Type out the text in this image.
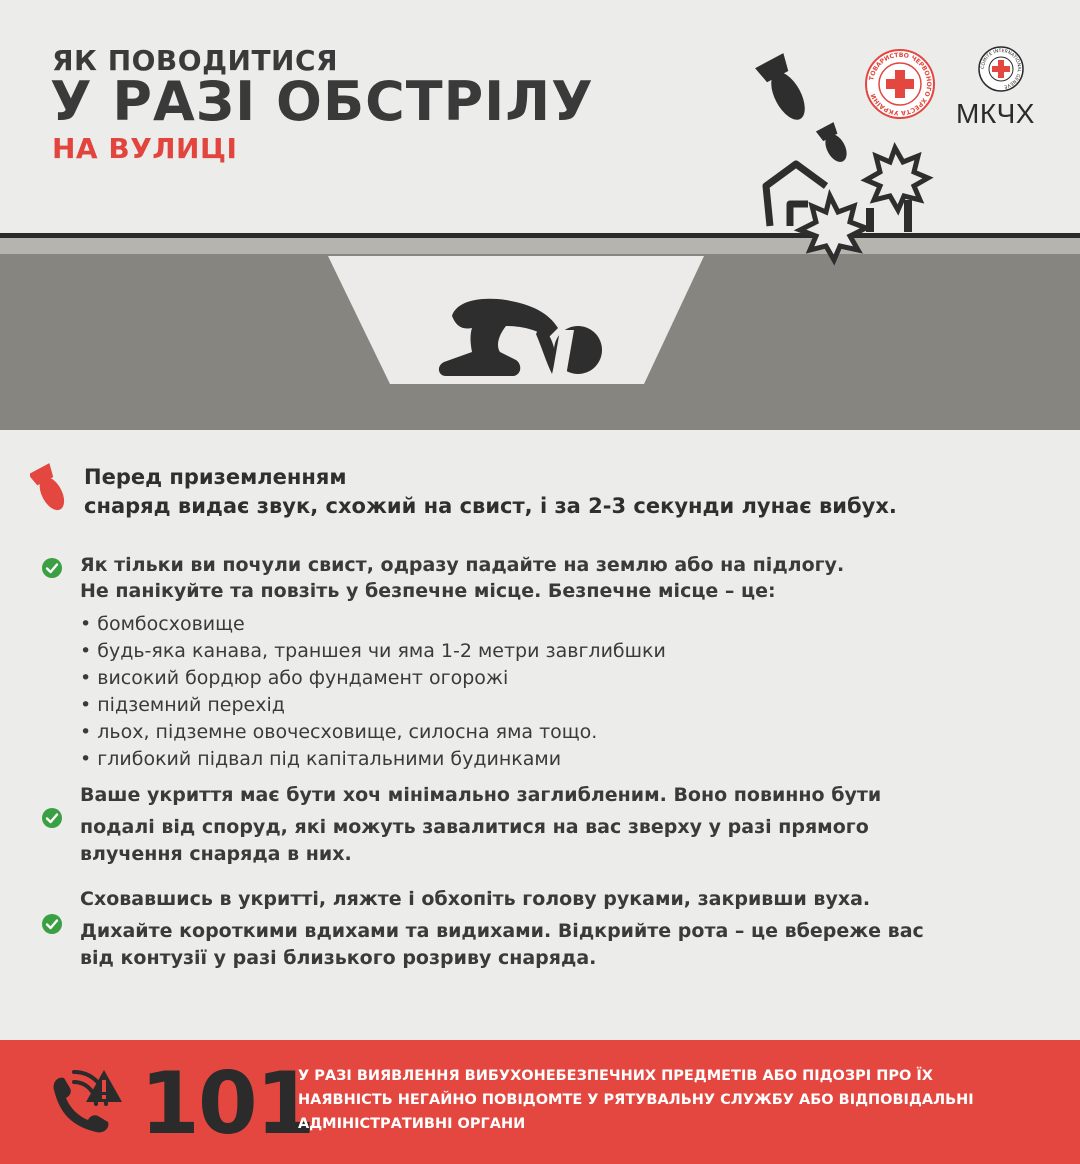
ЯК ПОВОДИТИСЯ
У РАЗІ ОБСТРІЛУ
НА ВУЛИЦІ
ТОВАРИСТВО ЧЕРВОНОГО ХРЕСТА УКРАЇНИ
COMITE INTERNATIONAL GENEVE
МКЧХ
Перед приземленням
снаряд видає звук, схожий на свист, і за 2-3 секунди лунає вибух.
Як тільки ви почули свист, одразу падайте на землю або на підлогу.
Не панікуйте та повзіть у безпечне місце. Безпечне місце – це:
• бомбосховище
• будь-яка канава, траншея чи яма 1-2 метри завглибшки
• високий бордюр або фундамент огорожі
• підземний перехід
• льох, підземне овочесховище, силосна яма тощо.
• глибокий підвал під капітальними будинками
Ваше укриття має бути хоч мінімально заглибленим. Воно повинно бути
подалі від споруд, які можуть завалитися на вас зверху у разі прямого
влучення снаряда в них.
Сховавшись в укритті, ляжте і обхопіть голову руками, закривши вуха.
Дихайте короткими вдихами та видихами. Відкрийте рота – це вбереже вас
від контузії у разі близького розриву снаряда.
101
У РАЗІ ВИЯВЛЕННЯ ВИБУХОНЕБЕЗПЕЧНИХ ПРЕДМЕТІВ АБО ПІДОЗРІ ПРО ЇХ
НАЯВНІСТЬ НЕГАЙНО ПОВІДОМТЕ У РЯТУВАЛЬНУ СЛУЖБУ АБО ВІДПОВІДАЛЬНІ
АДМІНІСТРАТИВНІ ОРГАНИ
